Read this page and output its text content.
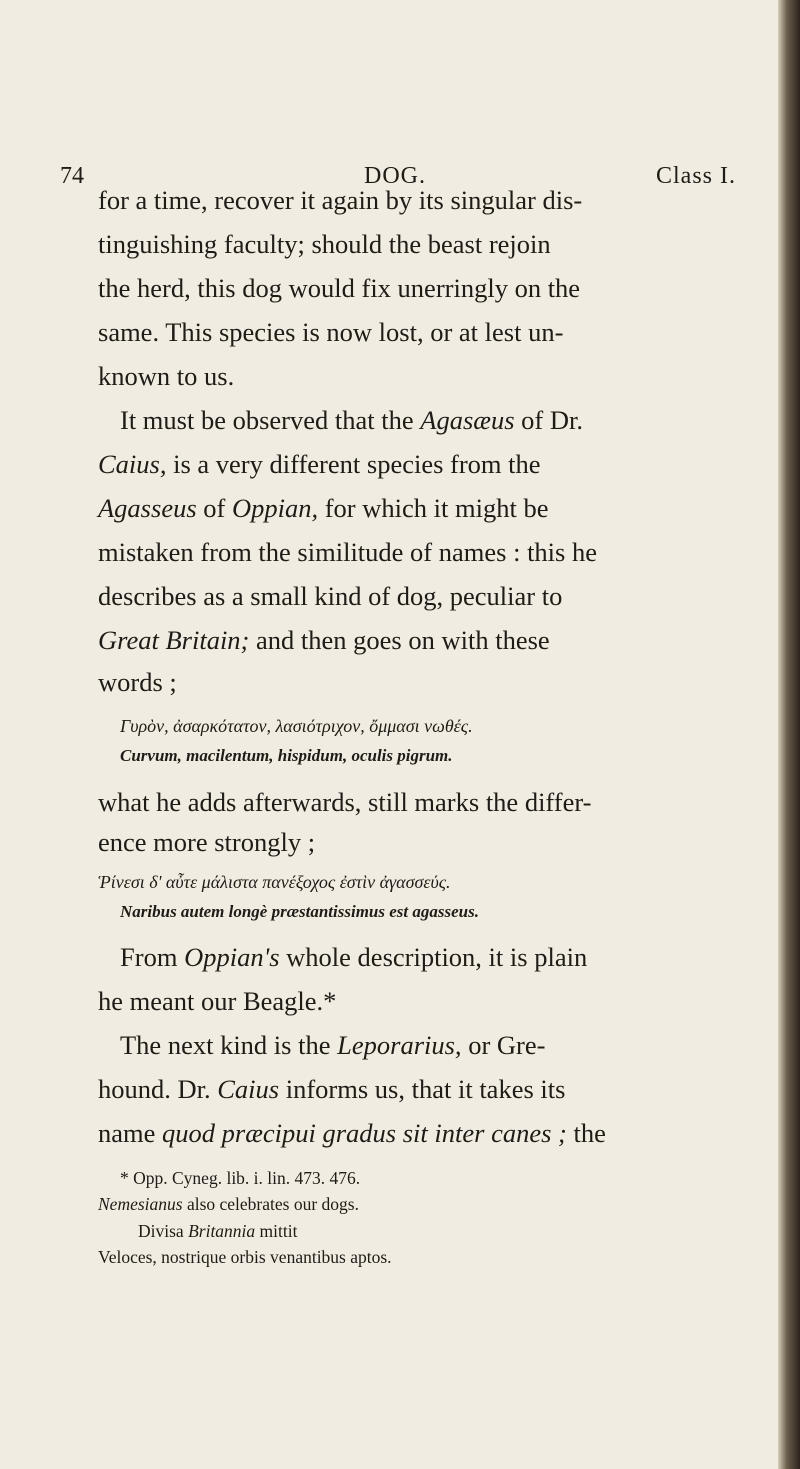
74	DOG.	Class I.
for a time, recover it again by its singular dis-
tinguishing faculty; should the beast rejoin
the herd, this dog would fix unerringly on the
same. This species is now lost, or at lest un-
known to us.
It must be observed that the Agasæus of Dr.
Caius, is a very different species from the
Agasseus of Oppian, for which it might be
mistaken from the similitude of names : this he
describes as a small kind of dog, peculiar to
Great Britain; and then goes on with these
words ;
Γυρὸν, ἀσαρκότατον, λασιότριχον, ὄμμασι νωθές.
Curvum, macilentum, hispidum, oculis pigrum.
what he adds afterwards, still marks the differ-
ence more strongly ;
Ῥίνεσι δ' αὖτε μάλιστα πανέξοχος ἐστὶν ἀγασσεύς.
Naribus autem longè præstantissimus est agasseus.
From Oppian's whole description, it is plain
he meant our Beagle.*
The next kind is the Leporarius, or Gre-
hound. Dr. Caius informs us, that it takes its
name quod præcipui gradus sit inter canes ; the
* Opp. Cyneg. lib. i. lin. 473. 476.
Nemesianus also celebrates our dogs.
Divisa Britannia mittit
Veloces, nostrique orbis venantibus aptos.
